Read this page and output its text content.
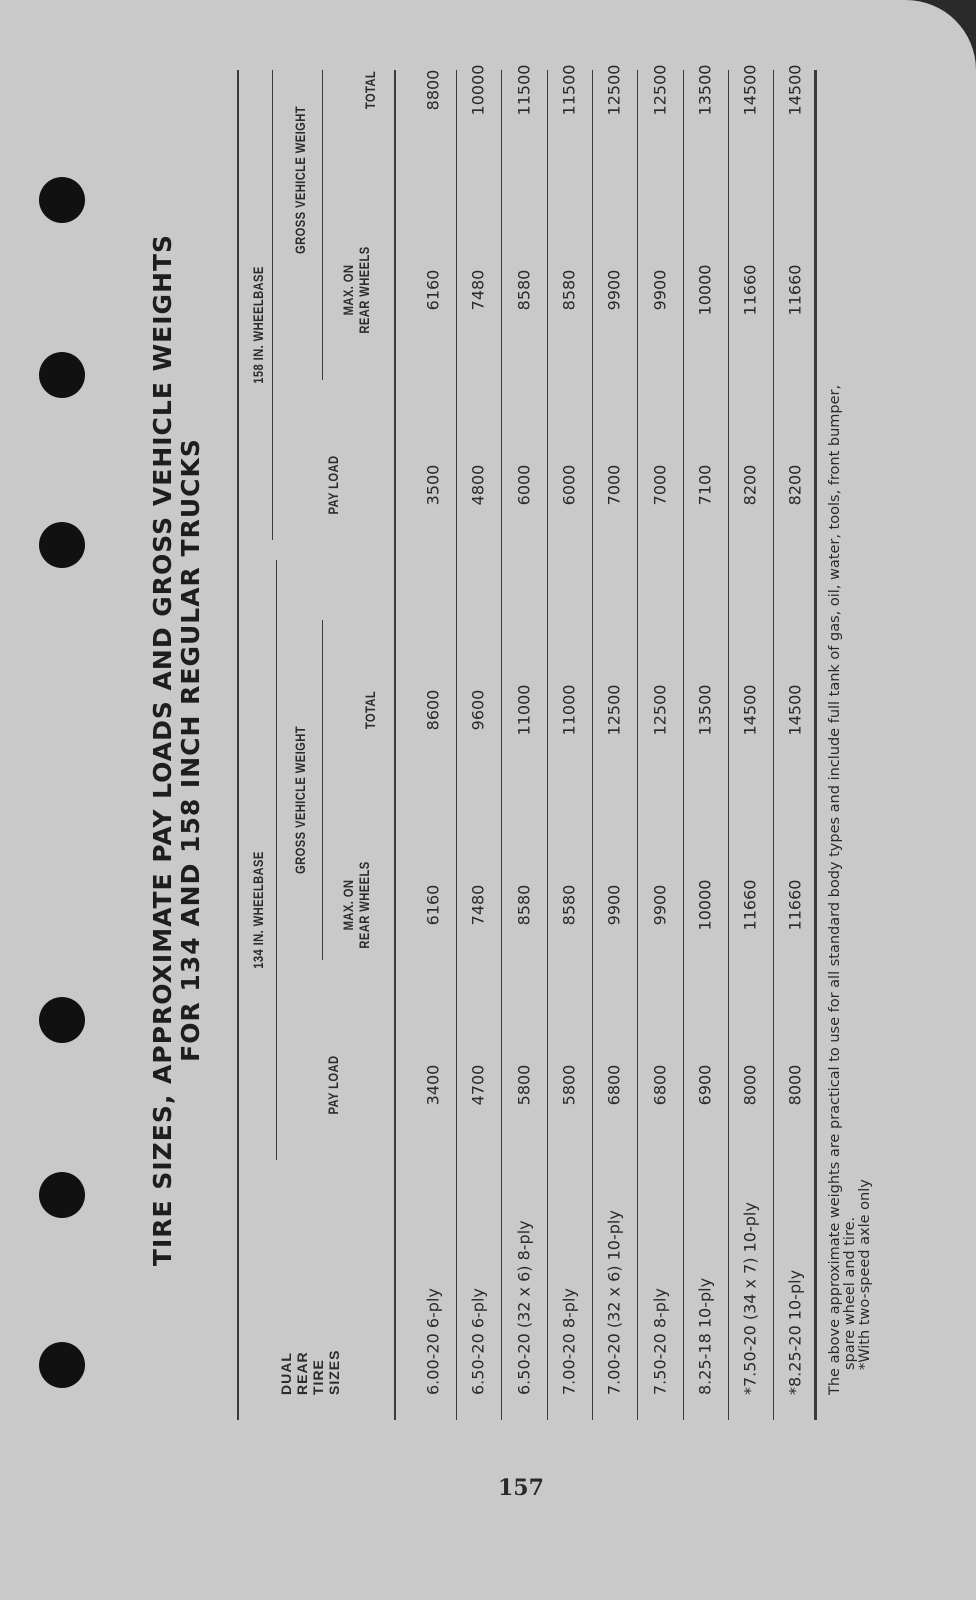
157
TIRE SIZES, APPROXIMATE PAY LOADS AND GROSS VEHICLE WEIGHTS FOR 134 AND 158 INCH REGULAR TRUCKS
DUAL REAR TIRE SIZES
134 IN. WHEELBASE
GROSS VEHICLE WEIGHT
PAY LOAD
MAX. ON REAR WHEELS
TOTAL
158 IN. WHEELBASE
GROSS VEHICLE WEIGHT
PAY LOAD
MAX. ON REAR WHEELS
TOTAL
6.00-20 6-ply
3400
6160
8600
3500
6160
8800
6.50-20 6-ply
4700
7480
9600
4800
7480
10000
6.50-20 (32 x 6) 8-ply
5800
8580
11000
6000
8580
11500
7.00-20 8-ply
5800
8580
11000
6000
8580
11500
7.00-20 (32 x 6) 10-ply
6800
9900
12500
7000
9900
12500
7.50-20 8-ply
6800
9900
12500
7000
9900
12500
8.25-18 10-ply
6900
10000
13500
7100
10000
13500
*7.50-20 (34 x 7) 10-ply
8000
11660
14500
8200
11660
14500
*8.25-20 10-ply
8000
11660
14500
8200
11660
14500
The above approximate weights are practical to use for all standard body types and include full tank of gas, oil, water, tools, front bumper, spare wheel and tire. *With two-speed axle only
